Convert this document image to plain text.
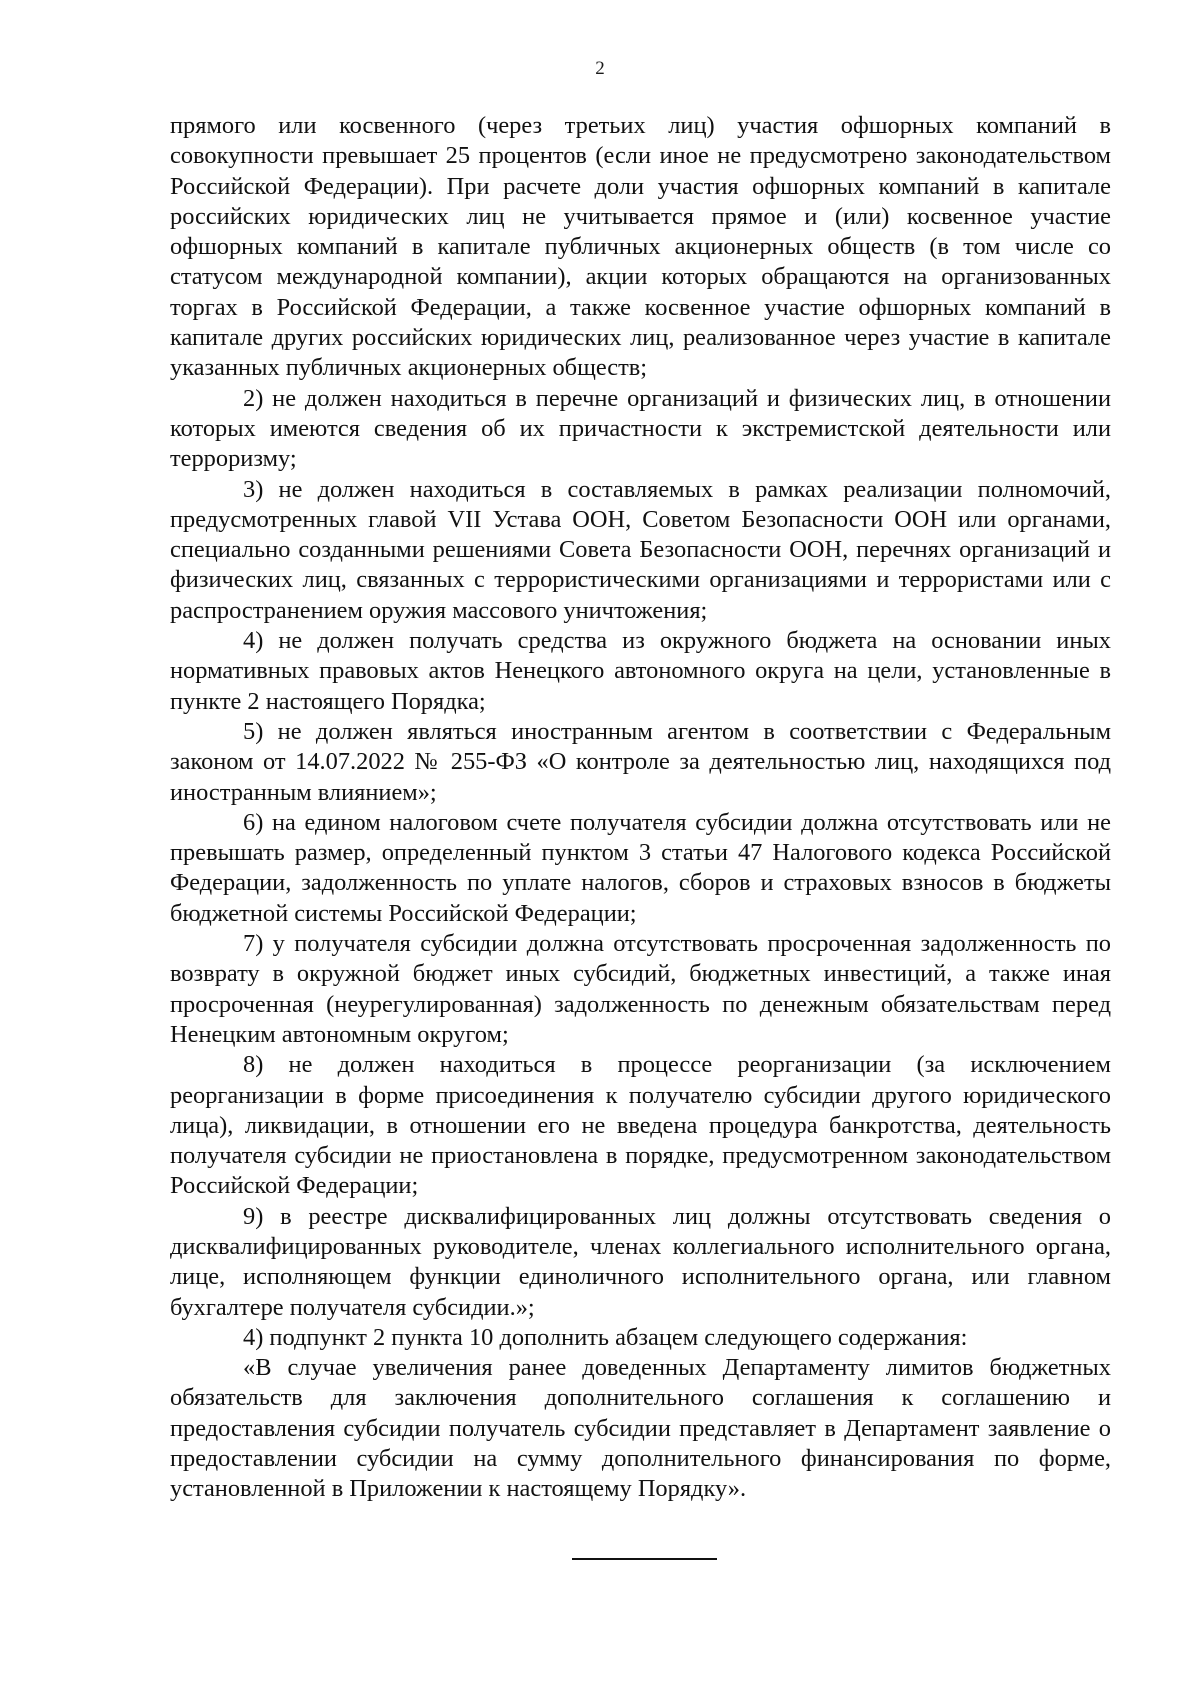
2

прямого или косвенного (через третьих лиц) участия офшорных компаний в совокупности превышает 25 процентов (если иное не предусмотрено законодательством Российской Федерации). При расчете доли участия офшорных компаний в капитале российских юридических лиц не учитывается прямое и (или) косвенное участие офшорных компаний в капитале публичных акционерных обществ (в том числе со статусом международной компании), акции которых обращаются на организованных торгах в Российской Федерации, а также косвенное участие офшорных компаний в капитале других российских юридических лиц, реализованное через участие в капитале указанных публичных акционерных обществ;

2) не должен находиться в перечне организаций и физических лиц, в отношении которых имеются сведения об их причастности к экстремистской деятельности или терроризму;

3) не должен находиться в составляемых в рамках реализации полномочий, предусмотренных главой VII Устава ООН, Советом Безопасности ООН или органами, специально созданными решениями Совета Безопасности ООН, перечнях организаций и физических лиц, связанных с террористическими организациями и террористами или с распространением оружия массового уничтожения;

4) не должен получать средства из окружного бюджета на основании иных нормативных правовых актов Ненецкого автономного округа на цели, установленные в пункте 2 настоящего Порядка;

5) не должен являться иностранным агентом в соответствии с Федеральным законом от 14.07.2022 № 255-ФЗ «О контроле за деятельностью лиц, находящихся под иностранным влиянием»;

6) на едином налоговом счете получателя субсидии должна отсутствовать или не превышать размер, определенный пунктом 3 статьи 47 Налогового кодекса Российской Федерации, задолженность по уплате налогов, сборов и страховых взносов в бюджеты бюджетной системы Российской Федерации;

7) у получателя субсидии должна отсутствовать просроченная задолженность по возврату в окружной бюджет иных субсидий, бюджетных инвестиций, а также иная просроченная (неурегулированная) задолженность по денежным обязательствам перед Ненецким автономным округом;

8) не должен находиться в процессе реорганизации (за исключением реорганизации в форме присоединения к получателю субсидии другого юридического лица), ликвидации, в отношении его не введена процедура банкротства, деятельность получателя субсидии не приостановлена в порядке, предусмотренном законодательством Российской Федерации;

9) в реестре дисквалифицированных лиц должны отсутствовать сведения о дисквалифицированных руководителе, членах коллегиального исполнительного органа, лице, исполняющем функции единоличного исполнительного органа, или главном бухгалтере получателя субсидии.»;

4) подпункт 2 пункта 10 дополнить абзацем следующего содержания:

«В случае увеличения ранее доведенных Департаменту лимитов бюджетных обязательств для заключения дополнительного соглашения к соглашению и предоставления субсидии получатель субсидии представляет в Департамент заявление о предоставлении субсидии на сумму дополнительного финансирования по форме, установленной в Приложении к настоящему Порядку».
